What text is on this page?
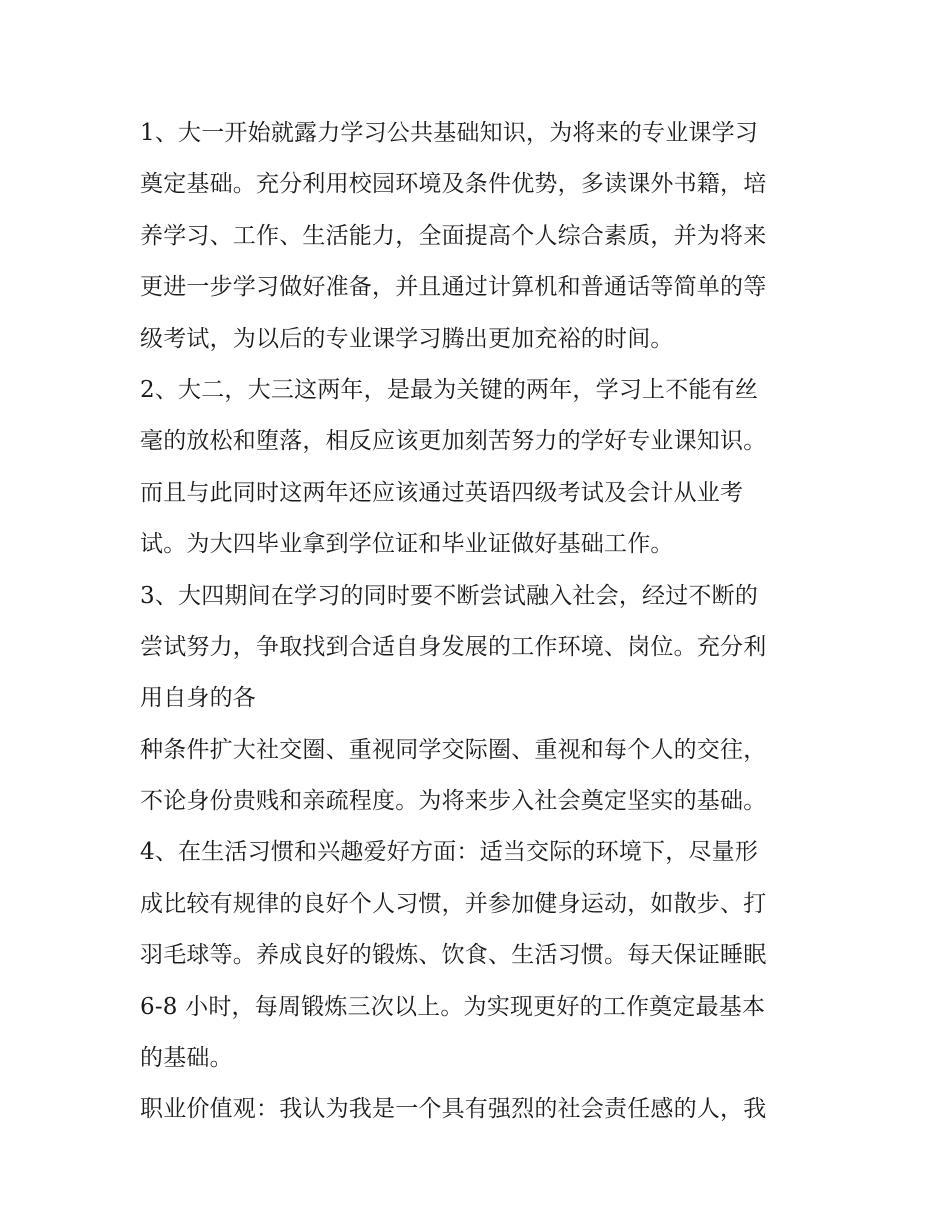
1、大一开始就露力学习公共基础知识，为将来的专业课学习
奠定基础。充分利用校园环境及条件优势，多读课外书籍，培
养学习、工作、生活能力，全面提高个人综合素质，并为将来
更进一步学习做好准备，并且通过计算机和普通话等简单的等
级考试，为以后的专业课学习腾出更加充裕的时间。
2、大二，大三这两年，是最为关键的两年，学习上不能有丝
毫的放松和堕落，相反应该更加刻苦努力的学好专业课知识。
而且与此同时这两年还应该通过英语四级考试及会计从业考
试。为大四毕业拿到学位证和毕业证做好基础工作。
3、大四期间在学习的同时要不断尝试融入社会，经过不断的
尝试努力，争取找到合适自身发展的工作环境、岗位。充分利
用自身的各
种条件扩大社交圈、重视同学交际圈、重视和每个人的交往，
不论身份贵贱和亲疏程度。为将来步入社会奠定坚实的基础。
4、在生活习惯和兴趣爱好方面：适当交际的环境下，尽量形
成比较有规律的良好个人习惯，并参加健身运动，如散步、打
羽毛球等。养成良好的锻炼、饮食、生活习惯。每天保证睡眠
6-8 小时，每周锻炼三次以上。为实现更好的工作奠定最基本
的基础。
职业价值观：我认为我是一个具有强烈的社会责任感的人，我
